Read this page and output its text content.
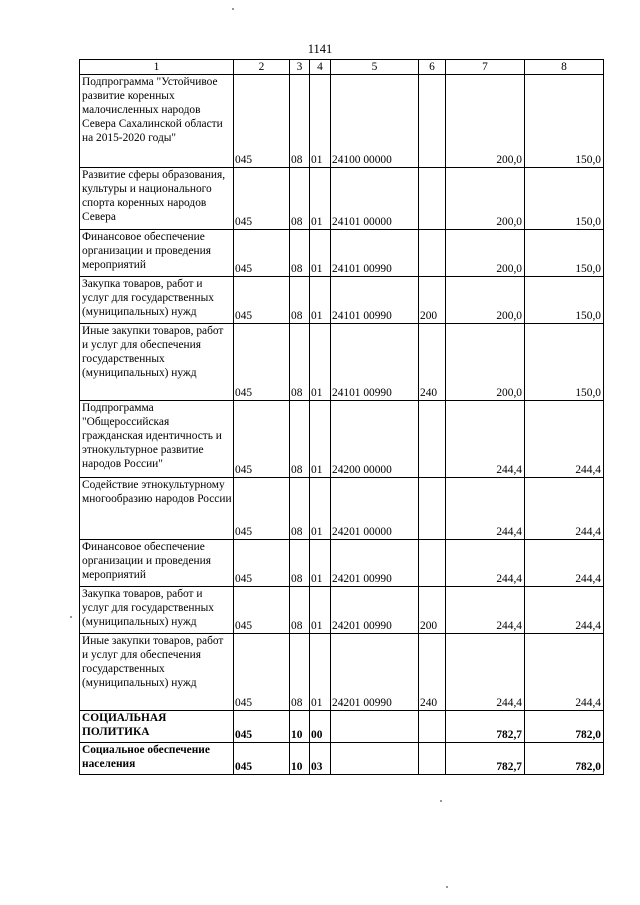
1141
1	2	3	4	5	6	7	8
Подпрограмма "Устойчивое развитие коренных малочисленных народов Севера Сахалинской области на 2015-2020 годы"	045	08	01	24100 00000		200,0	150,0
Развитие сферы образования, культуры и национального спорта коренных народов Севера	045	08	01	24101 00000		200,0	150,0
Финансовое обеспечение организации и проведения мероприятий	045	08	01	24101 00990		200,0	150,0
Закупка товаров, работ и услуг для государственных (муниципальных) нужд	045	08	01	24101 00990	200	200,0	150,0
Иные закупки товаров, работ и услуг для обеспечения государственных (муниципальных) нужд	045	08	01	24101 00990	240	200,0	150,0
Подпрограмма "Общероссийская гражданская идентичность и этнокультурное развитие народов России"	045	08	01	24200 00000		244,4	244,4
Содействие этнокультурному многообразию народов России	045	08	01	24201 00000		244,4	244,4
Финансовое обеспечение организации и проведения мероприятий	045	08	01	24201 00990		244,4	244,4
Закупка товаров, работ и услуг для государственных (муниципальных) нужд	045	08	01	24201 00990	200	244,4	244,4
Иные закупки товаров, работ и услуг для обеспечения государственных (муниципальных) нужд	045	08	01	24201 00990	240	244,4	244,4
СОЦИАЛЬНАЯ ПОЛИТИКА	045	10	00			782,7	782,0
Социальное обеспечение населения	045	10	03			782,7	782,0
